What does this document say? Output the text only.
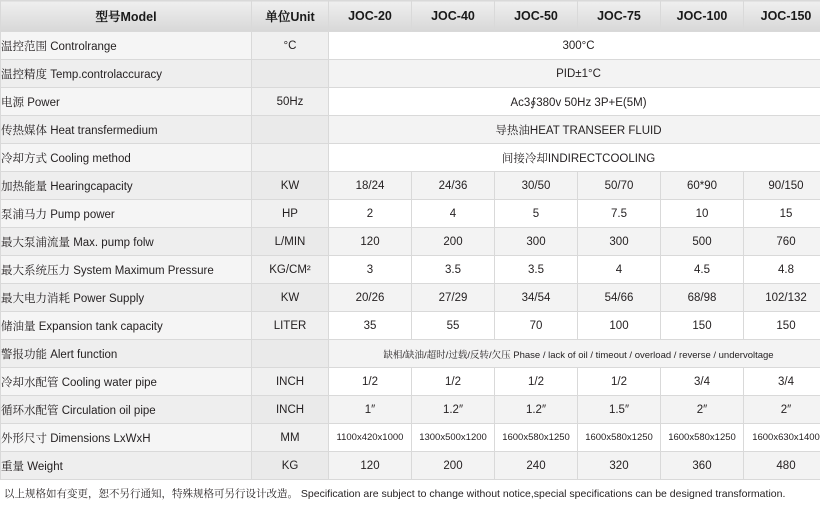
型号Model	单位Unit	JOC-20	JOC-40	JOC-50	JOC-75	JOC-100	JOC-150
温控范围 Controlrange	°C	300°C					
温控精度 Temp.controlaccuracy		PID±1°C					
电源 Power	50Hz	Ac3∮380v 50Hz 3P+E(5M)					
传热媒体 Heat transfermedium		导热油HEAT TRANSEER FLUID					
冷却方式 Cooling method		间接冷却INDIRECTCOOLING					
加热能量 Hearingcapacity	KW	18/24	24/36	30/50	50/70	60*90	90/150
泵浦马力 Pump power	HP	2	4	5	7.5	10	15
最大泵浦流量 Max. pump folw	L/MIN	120	200	300	300	500	760
最大系统压力 System Maximum Pressure	KG/CM²	3	3.5	3.5	4	4.5	4.8
最大电力消耗 Power Supply	KW	20/26	27/29	34/54	54/66	68/98	102/132
储油量 Expansion tank capacity	LITER	35	55	70	100	150	150
警报功能 Alert function		缺相/缺油/超时/过载/反转/欠压 Phase / lack of oil / timeout / overload / reverse / undervoltage					
冷却水配管 Cooling water pipe	INCH	1/2	1/2	1/2	1/2	3/4	3/4
循环水配管 Circulation oil pipe	INCH	1″	1.2″	1.2″	1.5″	2″	2″
外形尺寸 Dimensions LxWxH	MM	1100x420x1000	1300x500x1200	1600x580x1250	1600x580x1250	1600x580x1250	1600x630x1400
重量 Weight	KG	120	200	240	320	360	480
以上规格如有变更，恕不另行通知，特殊规格可另行设计改造。 Specification are subject to change without notice,special specifications can be designed transformation.
